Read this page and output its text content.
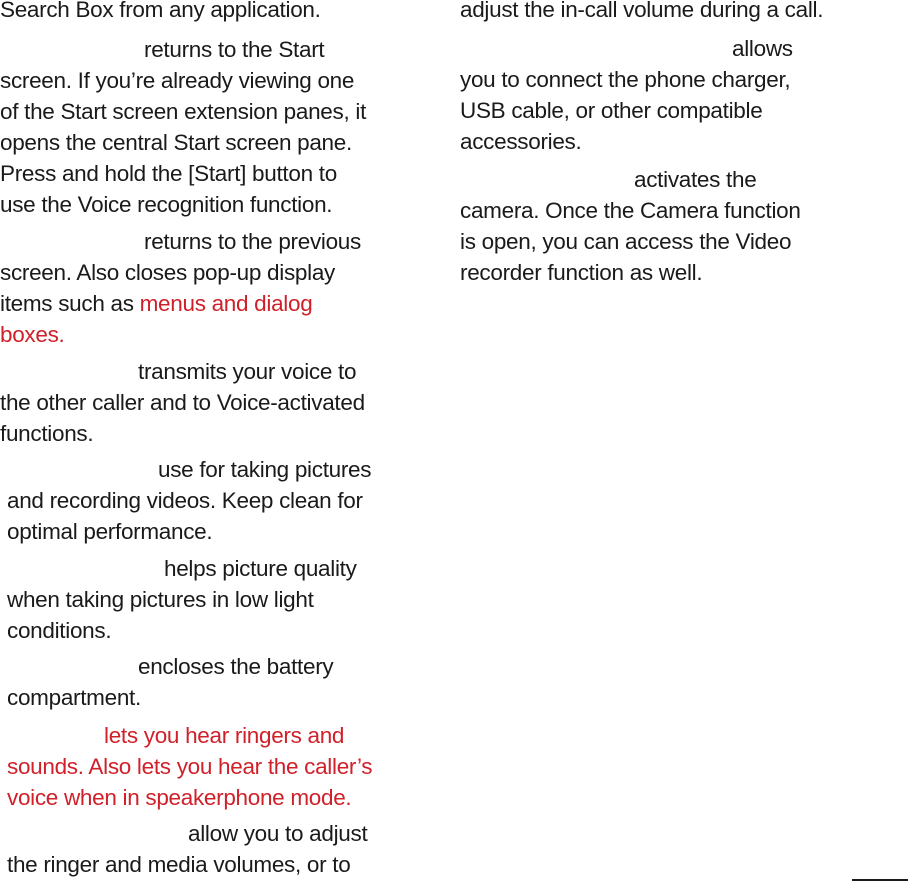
Search Box from any application.
returns to the Start
screen. If you’re already viewing one
of the Start screen extension panes, it
opens the central Start screen pane.
Press and hold the [Start] button to
use the Voice recognition function.
returns to the previous
screen. Also closes pop-up display
items such as menus and dialog
boxes.
transmits your voice to
the other caller and to Voice-activated
functions.
use for taking pictures
and recording videos. Keep clean for
optimal performance.
helps picture quality
when taking pictures in low light
conditions.
encloses the battery
compartment.
lets you hear ringers and
sounds. Also lets you hear the caller’s
voice when in speakerphone mode.
allow you to adjust
the ringer and media volumes, or to
adjust the in-call volume during a call.
allows
you to connect the phone charger,
USB cable, or other compatible
accessories.
activates the
camera. Once the Camera function
is open, you can access the Video
recorder function as well.
